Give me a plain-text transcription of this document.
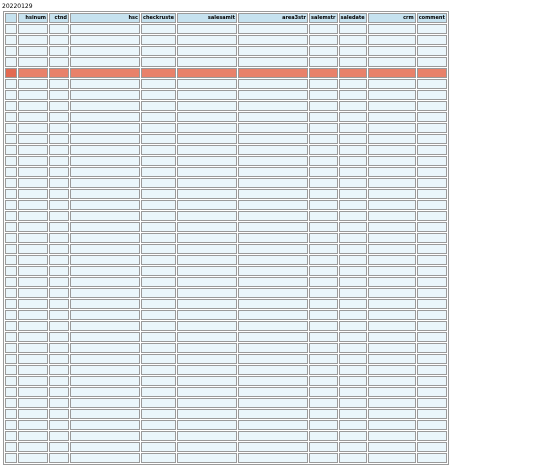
20220129
	hsinum	ctnd	hsc	checkruste	salesamit	area3str	salemstr	saledate	crm	comment
